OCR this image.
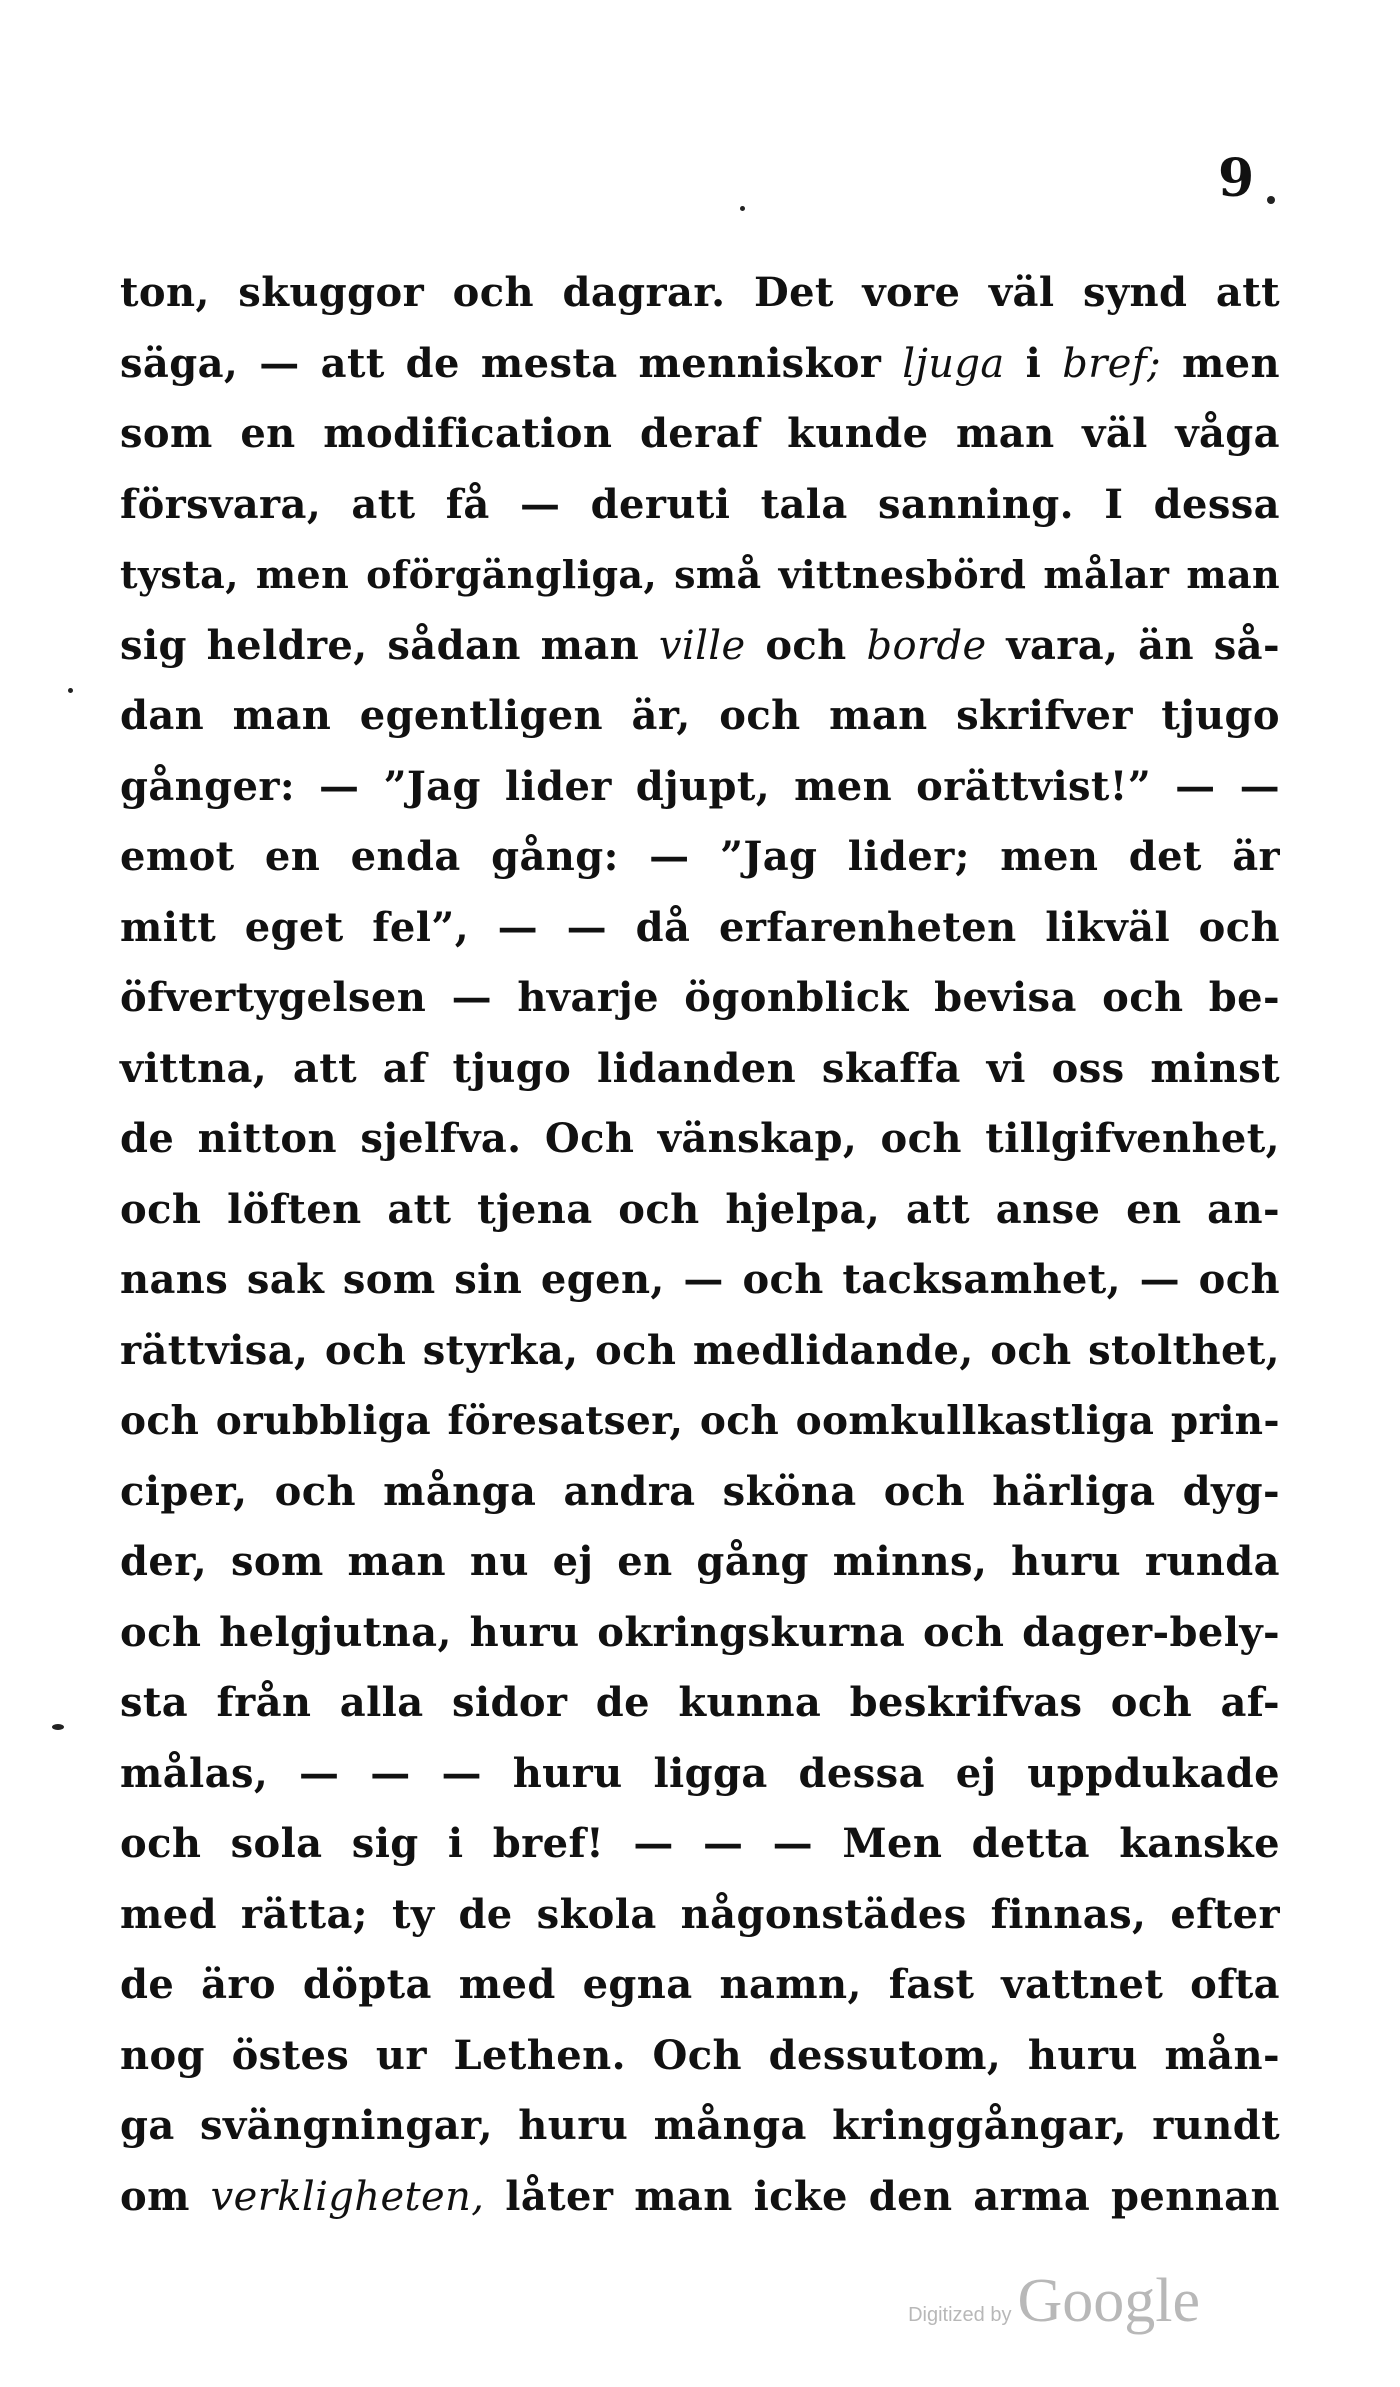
9
ton, skuggor och dagrar. Det vore väl synd att
säga, — att de mesta menniskor ljuga i bref; men
som en modification deraf kunde man väl våga
försvara, att få — deruti tala sanning. I dessa
tysta, men oförgängliga, små vittnesbörd målar man
sig heldre, sådan man ville och borde vara, än så-
dan man egentligen är, och man skrifver tjugo
gånger: — ”Jag lider djupt, men orättvist!” — —
emot en enda gång: — ”Jag lider; men det är
mitt eget fel”, — — då erfarenheten likväl och
öfvertygelsen — hvarje ögonblick bevisa och be-
vittna, att af tjugo lidanden skaffa vi oss minst
de nitton sjelfva. Och vänskap, och tillgifvenhet,
och löften att tjena och hjelpa, att anse en an-
nans sak som sin egen, — och tacksamhet, — och
rättvisa, och styrka, och medlidande, och stolthet,
och orubbliga föresatser, och oomkullkastliga prin-
ciper, och många andra sköna och härliga dyg-
der, som man nu ej en gång minns, huru runda
och helgjutna, huru okringskurna och dager-bely-
sta från alla sidor de kunna beskrifvas och af-
målas, — — — huru ligga dessa ej uppdukade
och sola sig i bref! — — — Men detta kanske
med rätta; ty de skola någonstädes finnas, efter
de äro döpta med egna namn, fast vattnet ofta
nog östes ur Lethen. Och dessutom, huru mån-
ga svängningar, huru många kringgångar, rundt
om verkligheten, låter man icke den arma pennan
Digitized by Google
